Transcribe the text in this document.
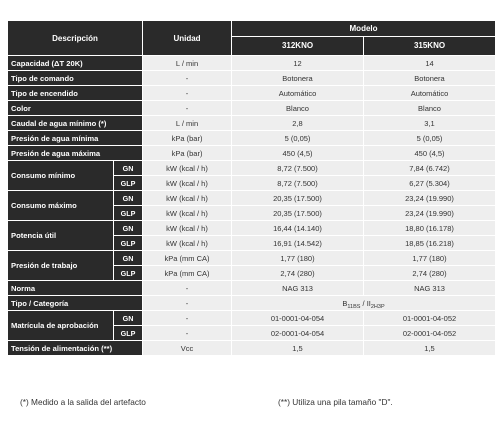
Descripción		Unidad	Modelo	
			312KNO	315KNO
Capacidad (ΔT 20K)		L / min	12	14
Tipo de comando		-	Botonera	Botonera
Tipo de encendido		-	Automático	Automático
Color		-	Blanco	Blanco
Caudal de agua mínimo (*)		L / min	2,8	3,1
Presión de agua mínima		kPa (bar)	5 (0,05)	5 (0,05)
Presión de agua máxima		kPa (bar)	450 (4,5)	450 (4,5)
Consumo mínimo	GN	kW (kcal / h)	8,72 (7.500)	7,84 (6.742)
	GLP	kW (kcal / h)	8,72 (7.500)	6,27 (5.304)
Consumo máximo	GN	kW (kcal / h)	20,35 (17.500)	23,24 (19.990)
	GLP	kW (kcal / h)	20,35 (17.500)	23,24 (19.990)
Potencia útil	GN	kW (kcal / h)	16,44 (14.140)	18,80 (16.178)
	GLP	kW (kcal / h)	16,91 (14.542)	18,85 (16.218)
Presión de trabajo	GN	kPa (mm CA)	1,77 (180)	1,77 (180)
	GLP	kPa (mm CA)	2,74 (280)	2,74 (280)
Norma		-	NAG 313	NAG 313
Tipo / Categoría		-	$B_{11BS} / II_{2H3P}$
Matrícula de aprobación	GN	-	01-0001-04-054	01-0001-04-052
	GLP	-	02-0001-04-054	02-0001-04-052
Tensión de alimentación (**)		Vcc	1,5	1,5
(*) Medido a la salida del artefacto	(**) Utiliza una pila tamaño "D".
